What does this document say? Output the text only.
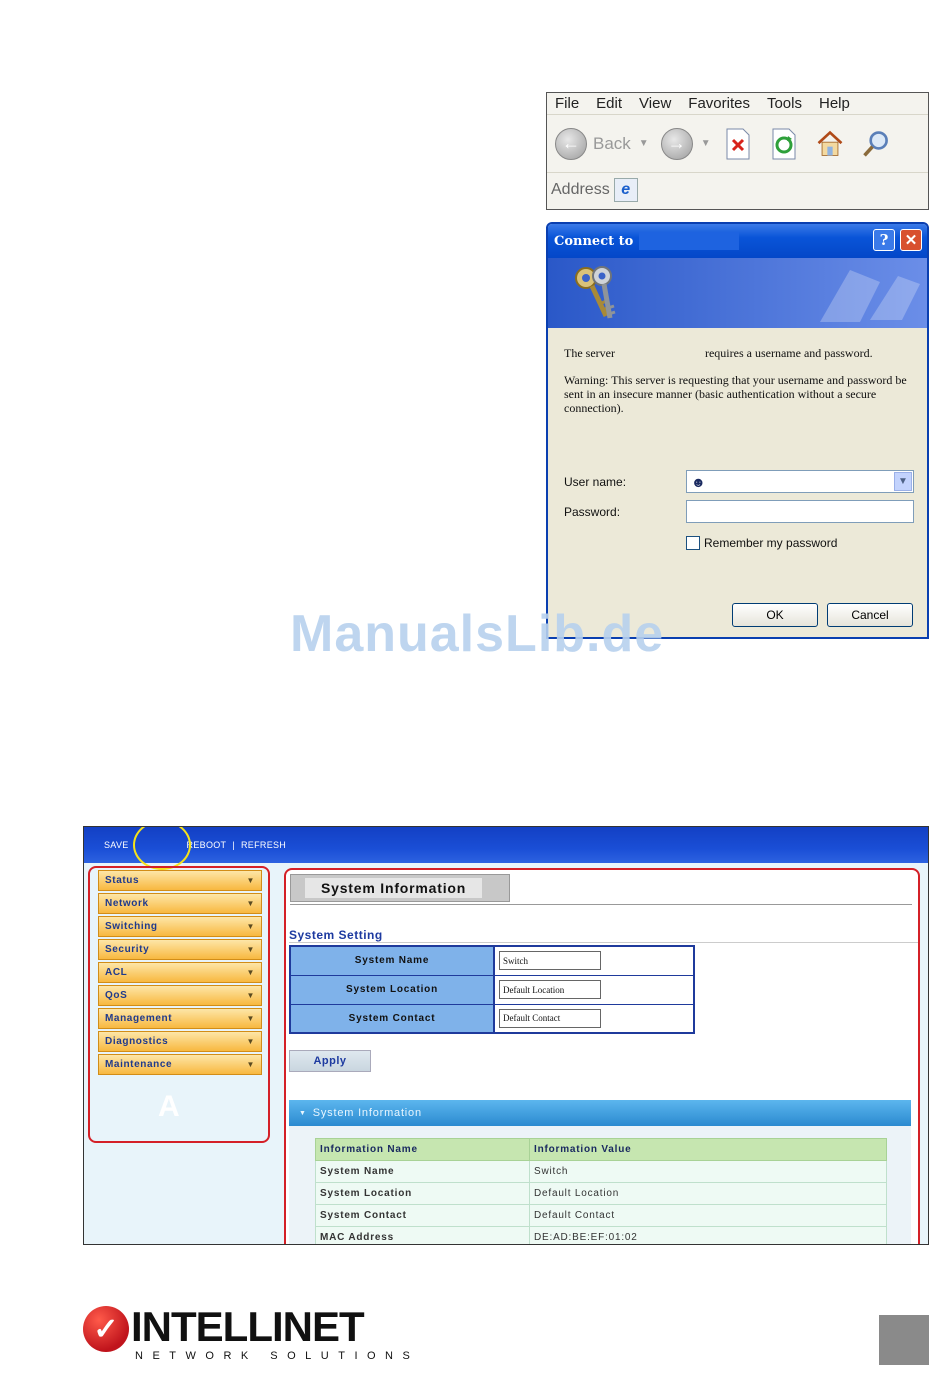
File Edit View Favorites Tools Help
← Back ▼	→	▼
Address e
Connect to	?	✕
The server	requires a username and password.

Warning: This server is requesting that your username and password be sent in an insecure manner (basic authentication without a secure connection).

User name:	☻	▼
Password:
Remember my password
OK	Cancel
ManualsLib.de
SAVE	REBOOT | REFRESH
Status	▼
Network	▼
Switching	▼
Security	▼
ACL	▼
QoS	▼
Management	▼
Diagnostics	▼
Maintenance	▼
A
System Information
System Setting
System Name	Switch

System Location	Default Location

System Contact	Default Contact
Apply
▼ System Information
Information Name	Information Value
System Name	Switch
System Location	Default Location
System Contact	Default Contact
MAC Address	DE:AD:BE:EF:01:02
✓ INTELLINET
NETWORK SOLUTIONS
